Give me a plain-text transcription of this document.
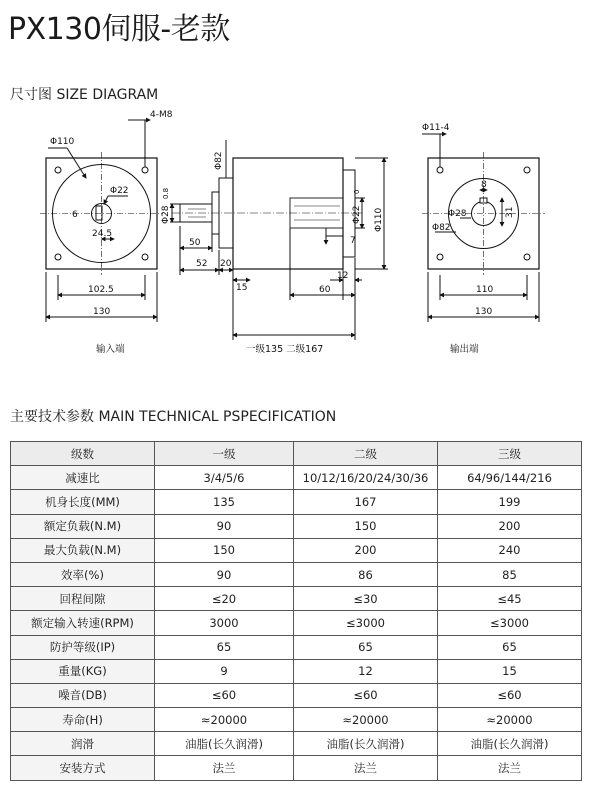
PX130伺服-老款
尺寸图 SIZE DIAGRAM
Φ110
Φ22
4-M8
6
24.5
102.5
130
输入端
Φ82
Φ28
0.8
50
52 20
15
12
60
7
Φ22 Φ110
0
一级135 二级167
Φ11-4
8
Φ28	31
Φ82
110
130
输出端
主要技术参数 MAIN TECHNICAL PSPECIFICATION
级数	一级	二级	三级
减速比	3/4/5/6	10/12/16/20/24/30/36	64/96/144/216
机身长度(MM)	135	167	199
额定负载(N.M)	90	150	200
最大负载(N.M)	150	200	240
效率(%)	90	86	85
回程间隙	≤20	≤30	≤45
额定输入转速(RPM)	3000	≤3000	≤3000
防护等级(IP)	65	65	65
重量(KG)	9	12	15
噪音(DB)	≤60	≤60	≤60
寿命(H)	≈20000	≈20000	≈20000
润滑	油脂(长久润滑)	油脂(长久润滑)	油脂(长久润滑)
安装方式	法兰	法兰	法兰
